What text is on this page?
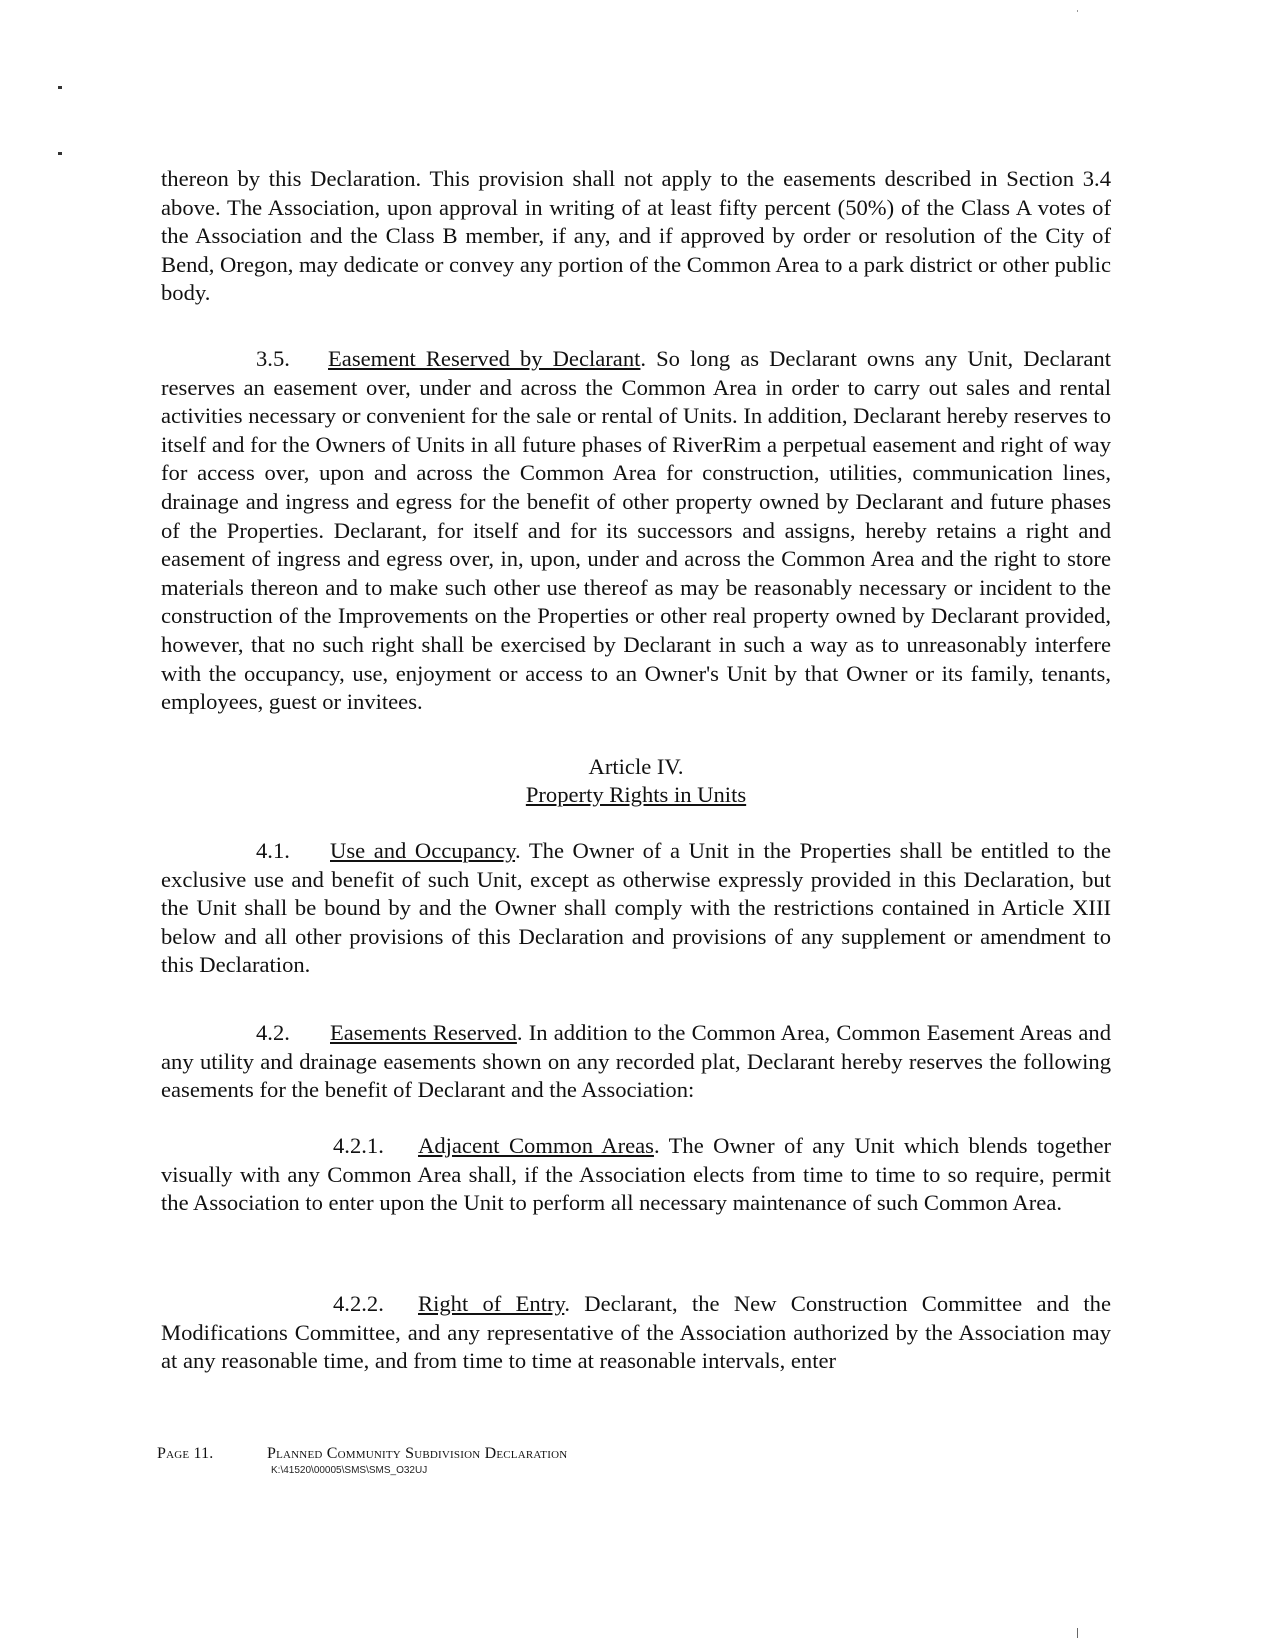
thereon by this Declaration. This provision shall not apply to the easements described in Section 3.4 above. The Association, upon approval in writing of at least fifty percent (50%) of the Class A votes of the Association and the Class B member, if any, and if approved by order or resolution of the City of Bend, Oregon, may dedicate or convey any portion of the Common Area to a park district or other public body.

3.5. Easement Reserved by Declarant. So long as Declarant owns any Unit, Declarant reserves an easement over, under and across the Common Area in order to carry out sales and rental activities necessary or convenient for the sale or rental of Units. In addition, Declarant hereby reserves to itself and for the Owners of Units in all future phases of RiverRim a perpetual easement and right of way for access over, upon and across the Common Area for construction, utilities, communication lines, drainage and ingress and egress for the benefit of other property owned by Declarant and future phases of the Properties. Declarant, for itself and for its successors and assigns, hereby retains a right and easement of ingress and egress over, in, upon, under and across the Common Area and the right to store materials thereon and to make such other use thereof as may be reasonably necessary or incident to the construction of the Improvements on the Properties or other real property owned by Declarant provided, however, that no such right shall be exercised by Declarant in such a way as to unreasonably interfere with the occupancy, use, enjoyment or access to an Owner's Unit by that Owner or its family, tenants, employees, guest or invitees.

Article IV.
Property Rights in Units

4.1. Use and Occupancy. The Owner of a Unit in the Properties shall be entitled to the exclusive use and benefit of such Unit, except as otherwise expressly provided in this Declaration, but the Unit shall be bound by and the Owner shall comply with the restrictions contained in Article XIII below and all other provisions of this Declaration and provisions of any supplement or amendment to this Declaration.

4.2. Easements Reserved. In addition to the Common Area, Common Easement Areas and any utility and drainage easements shown on any recorded plat, Declarant hereby reserves the following easements for the benefit of Declarant and the Association:

4.2.1. Adjacent Common Areas. The Owner of any Unit which blends together visually with any Common Area shall, if the Association elects from time to time to so require, permit the Association to enter upon the Unit to perform all necessary maintenance of such Common Area.

4.2.2. Right of Entry. Declarant, the New Construction Committee and the Modifications Committee, and any representative of the Association authorized by the Association may at any reasonable time, and from time to time at reasonable intervals, enter

Page 11.	Planned Community Subdivision Declaration
K:\41520\00005\SMS\SMS_O32UJ
